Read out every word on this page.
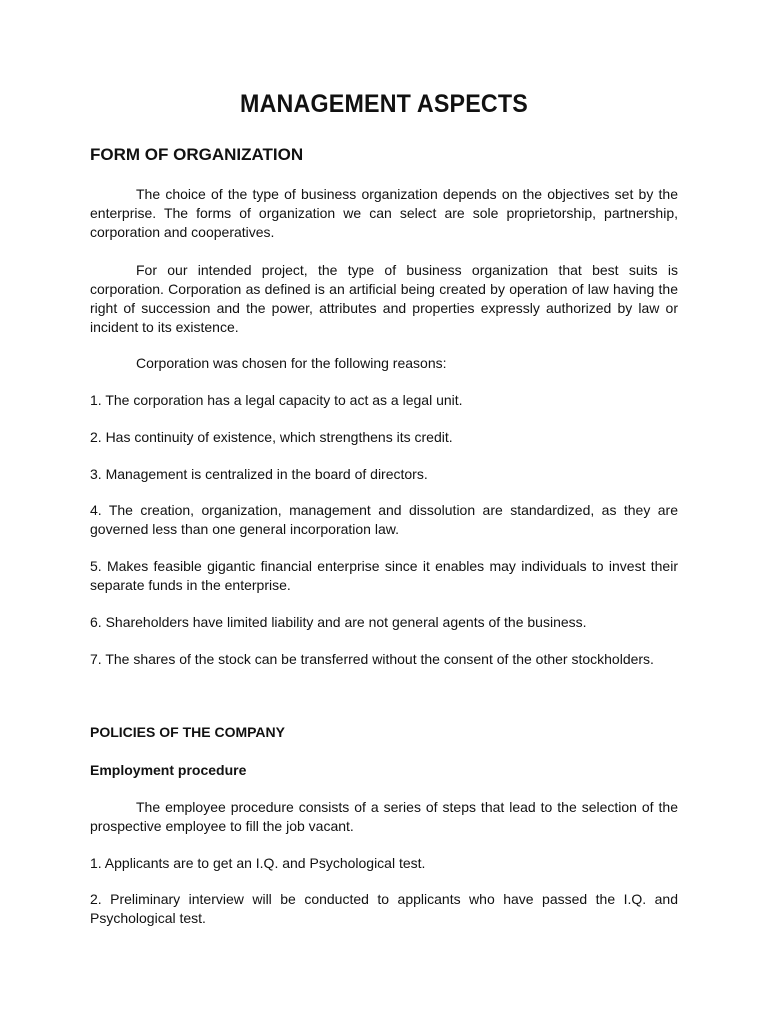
MANAGEMENT ASPECTS
FORM OF ORGANIZATION
The choice of the type of business organization depends on the objectives set by the enterprise. The forms of organization we can select are sole proprietorship, partnership, corporation and cooperatives.
For our intended project, the type of business organization that best suits is corporation. Corporation as defined is an artificial being created by operation of law having the right of succession and the power, attributes and properties expressly authorized by law or incident to its existence.
Corporation was chosen for the following reasons:
1. The corporation has a legal capacity to act as a legal unit.
2. Has continuity of existence, which strengthens its credit.
3. Management is centralized in the board of directors.
4. The creation, organization, management and dissolution are standardized, as they are governed less than one general incorporation law.
5. Makes feasible gigantic financial enterprise since it enables may individuals to invest their separate funds in the enterprise.
6. Shareholders have limited liability and are not general agents of the business.
7. The shares of the stock can be transferred without the consent of the other stockholders.
POLICIES OF THE COMPANY
Employment procedure
The employee procedure consists of a series of steps that lead to the selection of the prospective employee to fill the job vacant.
1. Applicants are to get an I.Q. and Psychological test.
2. Preliminary interview will be conducted to applicants who have passed the I.Q. and Psychological test.
